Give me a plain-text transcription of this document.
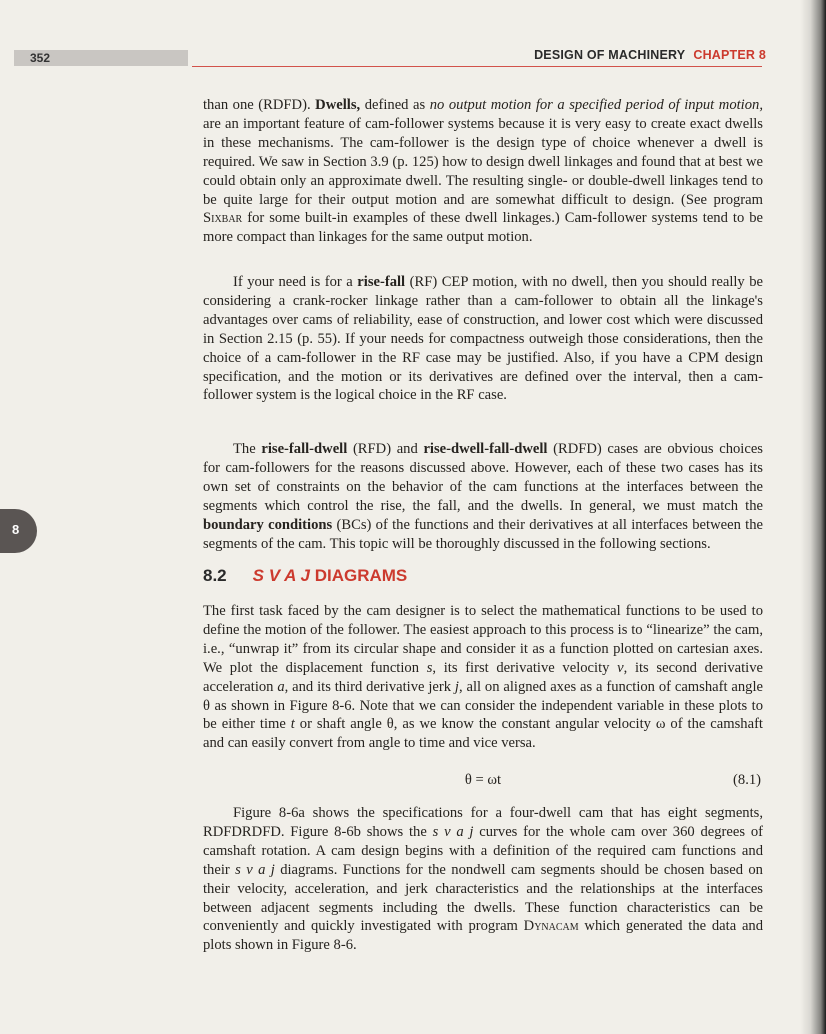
352	DESIGN OF MACHINERY CHAPTER 8

than one (RDFD). Dwells, defined as no output motion for a specified period of input motion, are an important feature of cam-follower systems because it is very easy to create exact dwells in these mechanisms. The cam-follower is the design type of choice whenever a dwell is required. We saw in Section 3.9 (p. 125) how to design dwell linkages and found that at best we could obtain only an approximate dwell. The resulting single- or double-dwell linkages tend to be quite large for their output motion and are somewhat difficult to design. (See program Sixbar for some built-in examples of these dwell linkages.) Cam-follower systems tend to be more compact than linkages for the same output motion.

If your need is for a rise-fall (RF) CEP motion, with no dwell, then you should really be considering a crank-rocker linkage rather than a cam-follower to obtain all the linkage's advantages over cams of reliability, ease of construction, and lower cost which were discussed in Section 2.15 (p. 55). If your needs for compactness outweigh those considerations, then the choice of a cam-follower in the RF case may be justified. Also, if you have a CPM design specification, and the motion or its derivatives are defined over the interval, then a cam-follower system is the logical choice in the RF case.

The rise-fall-dwell (RFD) and rise-dwell-fall-dwell (RDFD) cases are obvious choices for cam-followers for the reasons discussed above. However, each of these two cases has its own set of constraints on the behavior of the cam functions at the interfaces between the segments which control the rise, the fall, and the dwells. In general, we must match the boundary conditions (BCs) of the functions and their derivatives at all interfaces between the segments of the cam. This topic will be thoroughly discussed in the following sections.

8
8.2 S V A J DIAGRAMS

The first task faced by the cam designer is to select the mathematical functions to be used to define the motion of the follower. The easiest approach to this process is to “linearize” the cam, i.e., “unwrap it” from its circular shape and consider it as a function plotted on cartesian axes. We plot the displacement function s, its first derivative velocity v, its second derivative acceleration a, and its third derivative jerk j, all on aligned axes as a function of camshaft angle θ as shown in Figure 8-6. Note that we can consider the independent variable in these plots to be either time t or shaft angle θ, as we know the constant angular velocity ω of the camshaft and can easily convert from angle to time and vice versa.

θ = ωt	(8.1)

Figure 8-6a shows the specifications for a four-dwell cam that has eight segments, RDFDRDFD. Figure 8-6b shows the s v a j curves for the whole cam over 360 degrees of camshaft rotation. A cam design begins with a definition of the required cam functions and their s v a j diagrams. Functions for the nondwell cam segments should be chosen based on their velocity, acceleration, and jerk characteristics and the relationships at the interfaces between adjacent segments including the dwells. These function characteristics can be conveniently and quickly investigated with program Dynacam which generated the data and plots shown in Figure 8-6.
